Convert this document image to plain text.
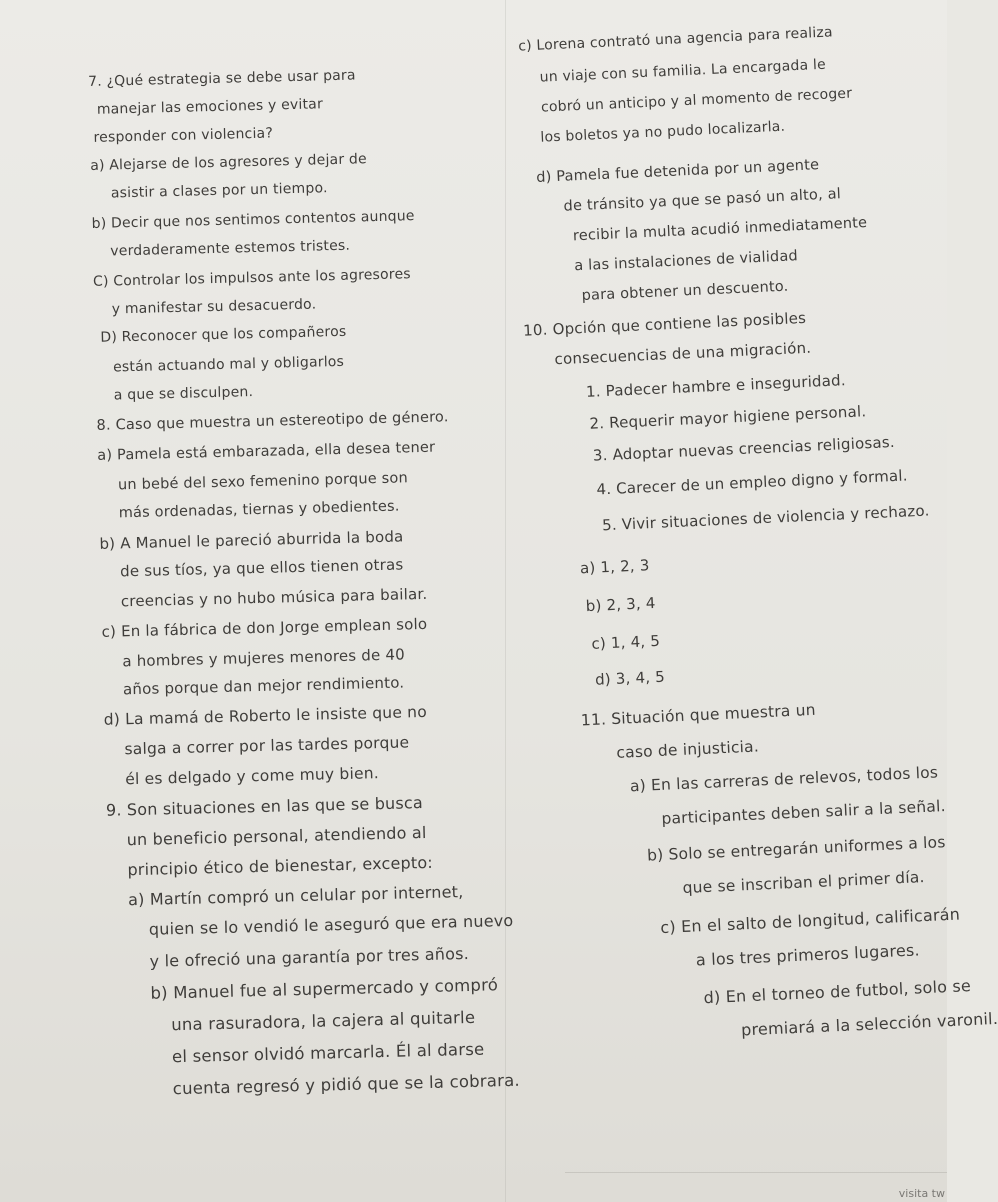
7. ¿Qué estrategia se debe usar para
manejar las emociones y evitar
responder con violencia?
a) Alejarse de los agresores y dejar de
asistir a clases por un tiempo.
b) Decir que nos sentimos contentos aunque
verdaderamente estemos tristes.
C) Controlar los impulsos ante los agresores
y manifestar su desacuerdo.
D) Reconocer que los compañeros
están actuando mal y obligarlos
a que se disculpen.
8. Caso que muestra un estereotipo de género.
a) Pamela está embarazada, ella desea tener
un bebé del sexo femenino porque son
más ordenadas, tiernas y obedientes.
b) A Manuel le pareció aburrida la boda
de sus tíos, ya que ellos tienen otras
creencias y no hubo música para bailar.
c) En la fábrica de don Jorge emplean solo
a hombres y mujeres menores de 40
años porque dan mejor rendimiento.
d) La mamá de Roberto le insiste que no
salga a correr por las tardes porque
él es delgado y come muy bien.
9. Son situaciones en las que se busca
un beneficio personal, atendiendo al
principio ético de bienestar, excepto:
a) Martín compró un celular por internet,
quien se lo vendió le aseguró que era nuevo
y le ofreció una garantía por tres años.
b) Manuel fue al supermercado y compró
una rasuradora, la cajera al quitarle
el sensor olvidó marcarla. Él al darse
cuenta regresó y pidió que se la cobrara.
c) Lorena contrató una agencia para realiza
un viaje con su familia. La encargada le
cobró un anticipo y al momento de recoger
los boletos ya no pudo localizarla.
d) Pamela fue detenida por un agente
de tránsito ya que se pasó un alto, al
recibir la multa acudió inmediatamente
a las instalaciones de vialidad
para obtener un descuento.
10. Opción que contiene las posibles
consecuencias de una migración.
1. Padecer hambre e inseguridad.
2. Requerir mayor higiene personal.
3. Adoptar nuevas creencias religiosas.
4. Carecer de un empleo digno y formal.
5. Vivir situaciones de violencia y rechazo.
a) 1, 2, 3
b) 2, 3, 4
c) 1, 4, 5
d) 3, 4, 5
11. Situación que muestra un
caso de injusticia.
a) En las carreras de relevos, todos los
participantes deben salir a la señal.
b) Solo se entregarán uniformes a los
que se inscriban el primer día.
c) En el salto de longitud, calificarán
a los tres primeros lugares.
d) En el torneo de futbol, solo se
premiará a la selección varonil.
visita tw
